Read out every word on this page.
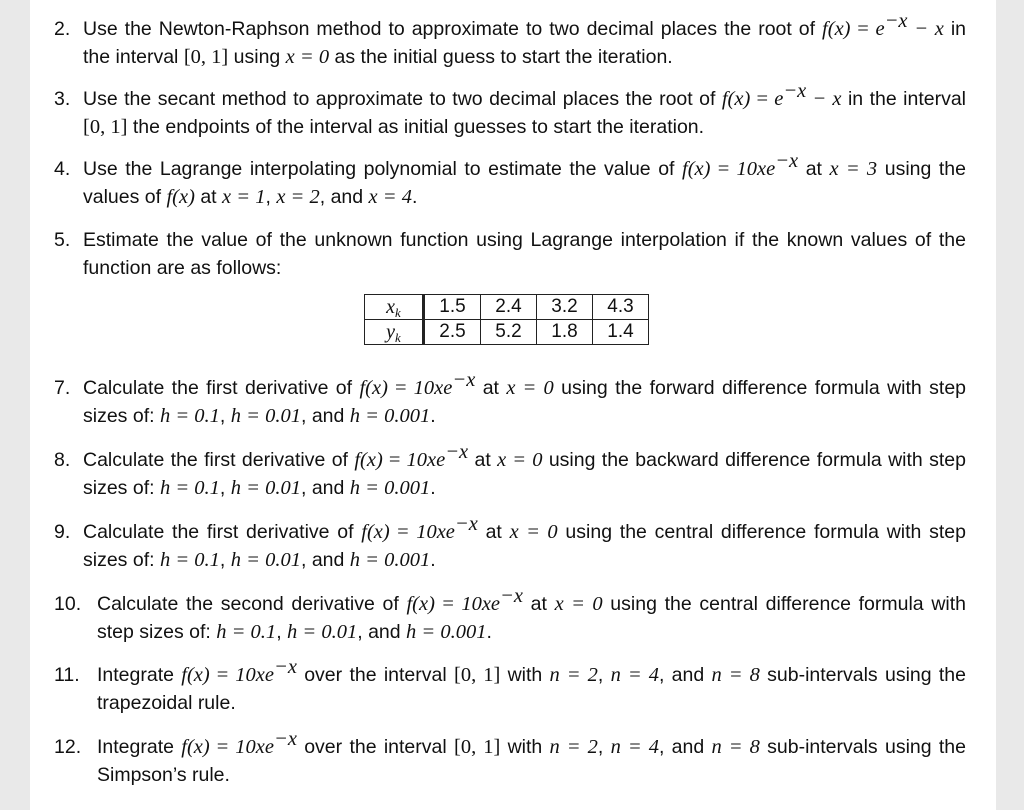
2. Use the Newton-Raphson method to approximate to two decimal places the root of $f(x) = e^{-x} - x$ in the interval [0, 1] using x = 0 as the initial guess to start the iteration.
3. Use the secant method to approximate to two decimal places the root of $f(x) = e^{-x} - x$ in the interval [0, 1] the endpoints of the interval as initial guesses to start the iteration.
4. Use the Lagrange interpolating polynomial to estimate the value of $f(x) = 10xe^{-x}$ at x = 3 using the values of f(x) at x = 1, x = 2, and x = 4.
5. Estimate the value of the unknown function using Lagrange interpolation if the known values of the function are as follows:
$x_k$	1.5	2.4	3.2	4.3
$y_k$	2.5	5.2	1.8	1.4
7. Calculate the first derivative of $f(x) = 10xe^{-x}$ at x = 0 using the forward difference formula with step sizes of: h = 0.1, h = 0.01, and h = 0.001.
8. Calculate the first derivative of $f(x) = 10xe^{-x}$ at x = 0 using the backward difference formula with step sizes of: h = 0.1, h = 0.01, and h = 0.001.
9. Calculate the first derivative of $f(x) = 10xe^{-x}$ at x = 0 using the central difference formula with step sizes of: h = 0.1, h = 0.01, and h = 0.001.
10. Calculate the second derivative of $f(x) = 10xe^{-x}$ at x = 0 using the central difference formula with step sizes of: h = 0.1, h = 0.01, and h = 0.001.
11. Integrate $f(x) = 10xe^{-x}$ over the interval [0, 1] with n = 2, n = 4, and n = 8 sub-intervals using the trapezoidal rule.
12. Integrate $f(x) = 10xe^{-x}$ over the interval [0, 1] with n = 2, n = 4, and n = 8 sub-intervals using the Simpson’s rule.
